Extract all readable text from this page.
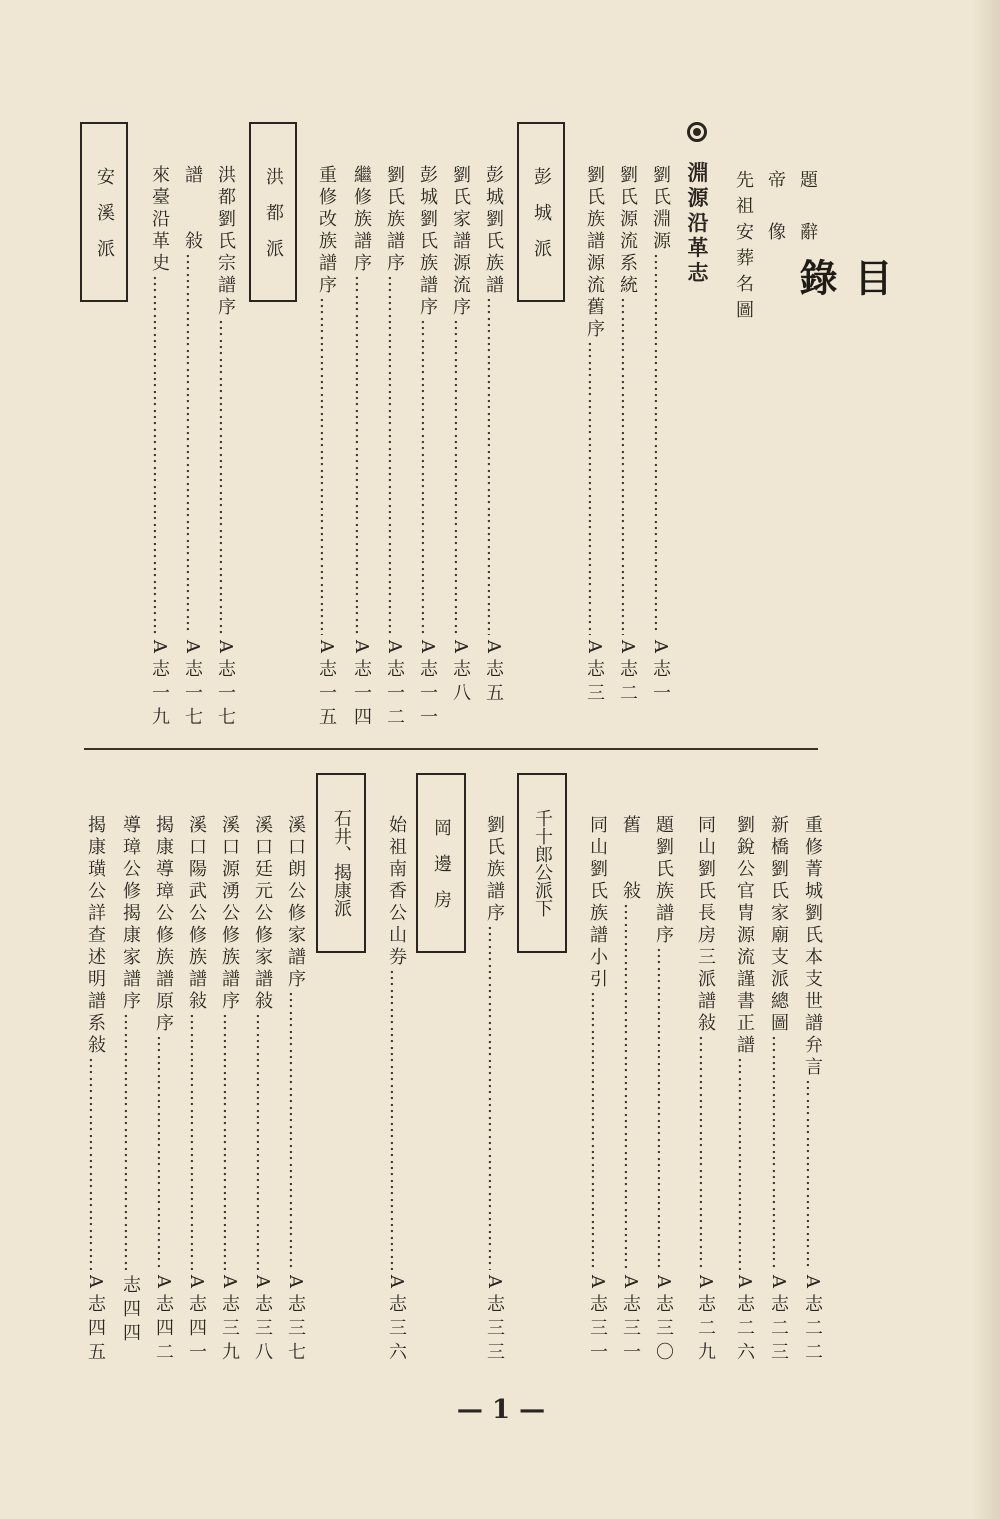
目 錄
題　辭
帝　像
先祖安葬名圖
淵源沿革志
劉氏淵源 ……………………………………………………………………………………………………
A志一
劉氏源流系統 ……………………………………………………………………………………………………
A志二
劉氏族譜源流舊序 ……………………………………………………………………………………………………
A志三
彭　城　派
彭城劉氏族譜 ……………………………………………………………………………………………………
A志五
劉氏家譜源流序 ……………………………………………………………………………………………………
A志八
彭城劉氏族譜序 ……………………………………………………………………………………………………
A志一一
劉氏族譜序 ……………………………………………………………………………………………………
A志一二
繼修族譜序 ……………………………………………………………………………………………………
A志一四
重修改族譜序 ……………………………………………………………………………………………………
A志一五
洪　都　派
洪都劉氏宗譜序 ……………………………………………………………………………………………………
A志一七
譜　　敍 ……………………………………………………………………………………………………
A志一七
來臺沿革史 ……………………………………………………………………………………………………
A志一九
安　溪　派
重修菁城劉氏本支世譜弁言 ……………………………………………………………………………………………………
A志二二
新橋劉氏家廟支派總圖 ……………………………………………………………………………………………………
A志二三
劉銳公官冑源流謹書正譜 ……………………………………………………………………………………………………
A志二六
同山劉氏長房三派譜敍 ……………………………………………………………………………………………………
A志二九
題劉氏族譜序 ……………………………………………………………………………………………………
A志三〇
舊　　敍 ……………………………………………………………………………………………………
A志三一
同山劉氏族譜小引 ……………………………………………………………………………………………………
A志三一
千十郎公派下
劉氏族譜序 ……………………………………………………………………………………………………
A志三三
岡　邊　房
始祖南香公山券 ……………………………………………………………………………………………………
A志三六
石井、揭康派
溪口朗公修家譜序 ……………………………………………………………………………………………………
A志三七
溪口廷元公修家譜敍 ……………………………………………………………………………………………………
A志三八
溪口源湧公修族譜序 ……………………………………………………………………………………………………
A志三九
溪口陽武公修族譜敍 ……………………………………………………………………………………………………
A志四一
揭康導璋公修族譜原序 ……………………………………………………………………………………………………
A志四二
導璋公修揭康家譜序 ……………………………………………………………………………………………………
志四四
揭康璜公詳查述明譜系敍 ……………………………………………………………………………………………………
A志四五
— 1 —
